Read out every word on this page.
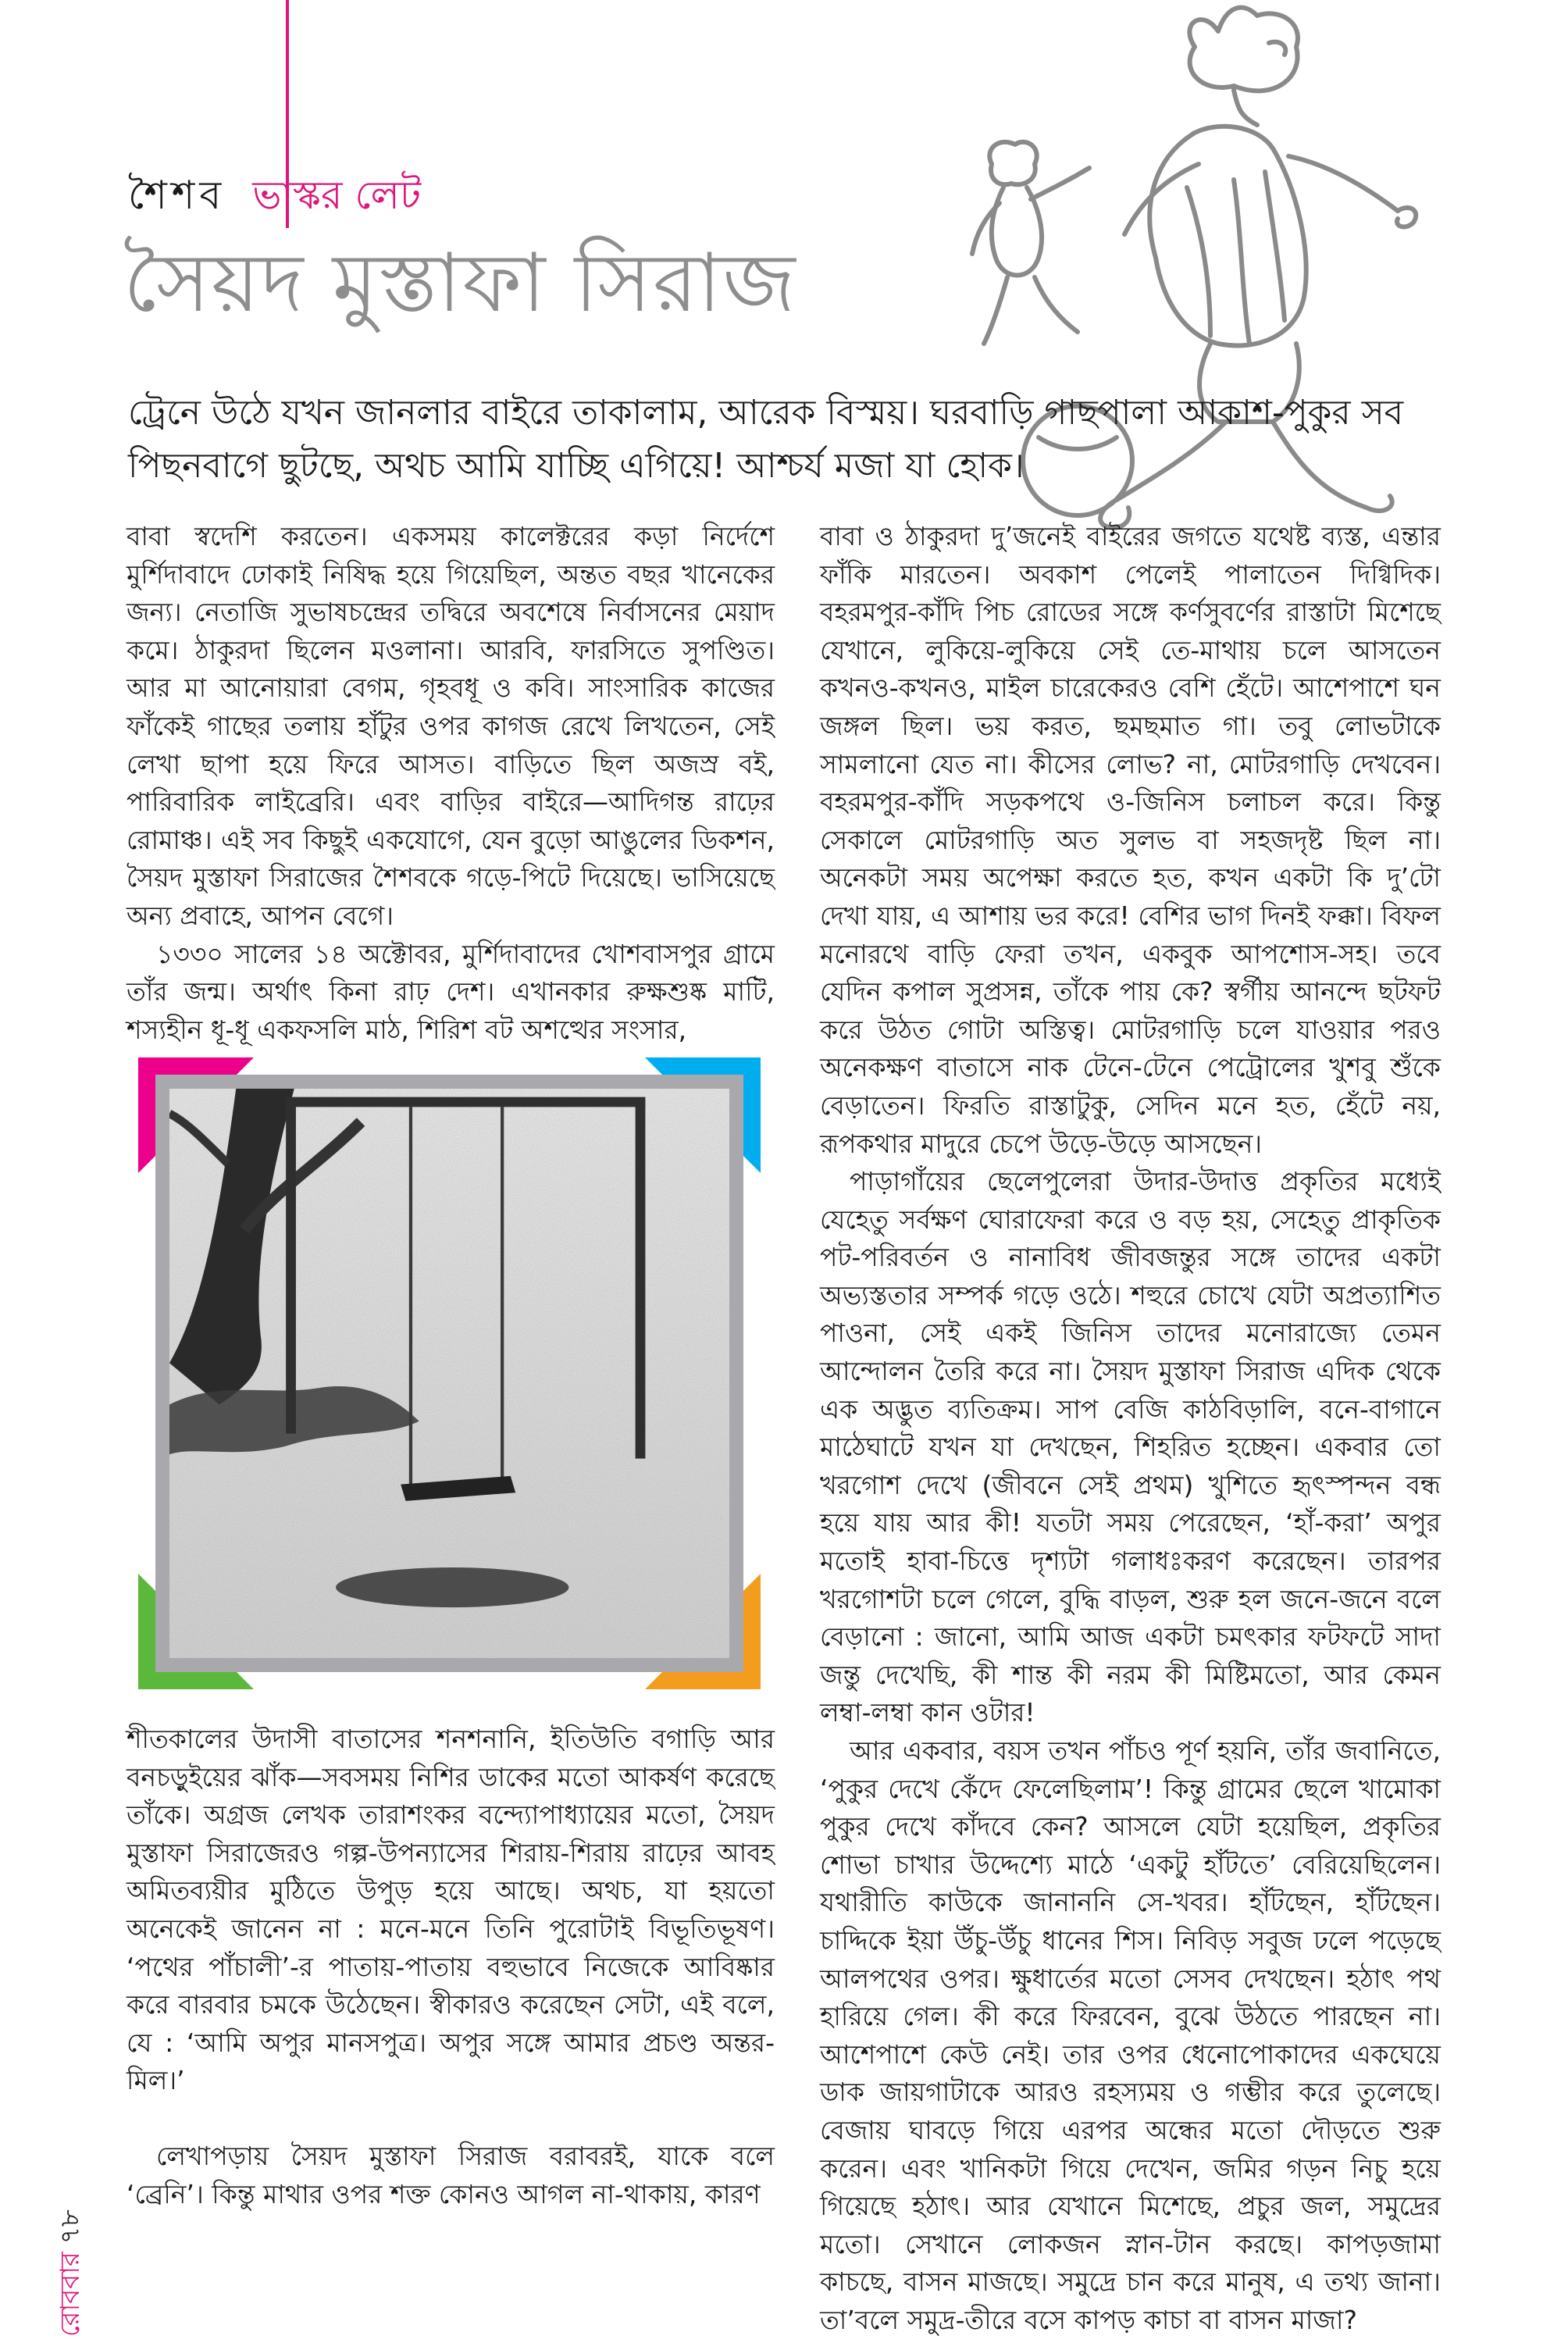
শৈশব ভাস্কর লেট
সৈয়দ মুস্তাফা সিরাজ

ট্রেনে উঠে যখন জানলার বাইরে তাকালাম, আরেক বিস্ময়। ঘরবাড়ি গাছপালা আকাশ-পুকুর সব

পিছনবাগে ছুটছে, অথচ আমি যাচ্ছি এগিয়ে! আশ্চর্য মজা যা হোক।

বাবা স্বদেশি করতেন। একসময় কালেক্টরের কড়া নির্দেশে মুর্শিদাবাদে ঢোকাই নিষিদ্ধ হয়ে গিয়েছিল, অন্তত বছর খানেকের জন্য। নেতাজি সুভাষচন্দ্রের তদ্বিরে অবশেষে নির্বাসনের মেয়াদ কমে। ঠাকুরদা ছিলেন মওলানা। আরবি, ফারসিতে সুপণ্ডিত। আর মা আনোয়ারা বেগম, গৃহবধূ ও কবি। সাংসারিক কাজের ফাঁকেই গাছের তলায় হাঁটুর ওপর কাগজ রেখে লিখতেন, সেই লেখা ছাপা হয়ে ফিরে আসত। বাড়িতে ছিল অজস্র বই, পারিবারিক লাইব্রেরি। এবং বাড়ির বাইরে—আদিগন্ত রাঢ়ের রোমাঞ্চ। এই সব কিছুই একযোগে, যেন বুড়ো আঙুলের ডিকশন, সৈয়দ মুস্তাফা সিরাজের শৈশবকে গড়ে-পিটে দিয়েছে। ভাসিয়েছে অন্য প্রবাহে, আপন বেগে।

১৩৩০ সালের ১৪ অক্টোবর, মুর্শিদাবাদের খোশবাসপুর গ্রামে তাঁর জন্ম। অর্থাৎ কিনা রাঢ় দেশ। এখানকার রুক্ষশুষ্ক মাটি, শস্যহীন ধূ-ধূ একফসলি মাঠ, শিরিশ বট অশত্থের সংসার,

শীতকালের উদাসী বাতাসের শনশনানি, ইতিউতি বগাড়ি আর বনচড়ুইয়ের ঝাঁক—সবসময় নিশির ডাকের মতো আকর্ষণ করেছে তাঁকে। অগ্রজ লেখক তারাশংকর বন্দ্যোপাধ্যায়ের মতো, সৈয়দ মুস্তাফা সিরাজেরও গল্প-উপন্যাসের শিরায়-শিরায় রাঢ়ের আবহ অমিতব্যয়ীর মুঠিতে উপুড় হয়ে আছে। অথচ, যা হয়তো অনেকেই জানেন না : মনে-মনে তিনি পুরোটাই বিভূতিভূষণ। ‘পথের পাঁচালী’-র পাতায়-পাতায় বহুভাবে নিজেকে আবিষ্কার করে বারবার চমকে উঠেছেন। স্বীকারও করেছেন সেটা, এই বলে, যে : ‘আমি অপুর মানসপুত্র। অপুর সঙ্গে আমার প্রচণ্ড অন্তর-মিল।’

লেখাপড়ায় সৈয়দ মুস্তাফা সিরাজ বরাবরই, যাকে বলে ‘ব্রেনি’। কিন্তু মাথার ওপর শক্ত কোনও আগল না-থাকায়, কারণ

বাবা ও ঠাকুরদা দু’জনেই বাইরের জগতে যথেষ্ট ব্যস্ত, এন্তার ফাঁকি মারতেন। অবকাশ পেলেই পালাতেন দিগ্বিদিক। বহরমপুর-কাঁদি পিচ রোডের সঙ্গে কর্ণসুবর্ণের রাস্তাটা মিশেছে যেখানে, লুকিয়ে-লুকিয়ে সেই তে-মাথায় চলে আসতেন কখনও-কখনও, মাইল চারেকেরও বেশি হেঁটে। আশেপাশে ঘন জঙ্গল ছিল। ভয় করত, ছমছমাত গা। তবু লোভটাকে সামলানো যেত না। কীসের লোভ? না, মোটরগাড়ি দেখবেন। বহরমপুর-কাঁদি সড়কপথে ও-জিনিস চলাচল করে। কিন্তু সেকালে মোটরগাড়ি অত সুলভ বা সহজদৃষ্ট ছিল না। অনেকটা সময় অপেক্ষা করতে হত, কখন একটা কি দু’টো দেখা যায়, এ আশায় ভর করে! বেশির ভাগ দিনই ফক্কা। বিফল মনোরথে বাড়ি ফেরা তখন, একবুক আপশোস-সহ। তবে যেদিন কপাল সুপ্রসন্ন, তাঁকে পায় কে? স্বর্গীয় আনন্দে ছটফট করে উঠত গোটা অস্তিত্ব। মোটরগাড়ি চলে যাওয়ার পরও অনেকক্ষণ বাতাসে নাক টেনে-টেনে পেট্রোলের খুশবু শুঁকে বেড়াতেন। ফিরতি রাস্তাটুকু, সেদিন মনে হত, হেঁটে নয়, রূপকথার মাদুরে চেপে উড়ে-উড়ে আসছেন।

পাড়াগাঁয়ের ছেলেপুলেরা উদার-উদাত্ত প্রকৃতির মধ্যেই যেহেতু সর্বক্ষণ ঘোরাফেরা করে ও বড় হয়, সেহেতু প্রাকৃতিক পট-পরিবর্তন ও নানাবিধ জীবজন্তুর সঙ্গে তাদের একটা অভ্যস্ততার সম্পর্ক গড়ে ওঠে। শহুরে চোখে যেটা অপ্রত্যাশিত পাওনা, সেই একই জিনিস তাদের মনোরাজ্যে তেমন আন্দোলন তৈরি করে না। সৈয়দ মুস্তাফা সিরাজ এদিক থেকে এক অদ্ভুত ব্যতিক্রম। সাপ বেজি কাঠবিড়ালি, বনে-বাগানে মাঠেঘাটে যখন যা দেখছেন, শিহরিত হচ্ছেন। একবার তো খরগোশ দেখে (জীবনে সেই প্রথম) খুশিতে হৃৎস্পন্দন বন্ধ হয়ে যায় আর কী! যতটা সময় পেরেছেন, ‘হাঁ-করা’ অপুর মতোই হাবা-চিত্তে দৃশ্যটা গলাধঃকরণ করেছেন। তারপর খরগোশটা চলে গেলে, বুদ্ধি বাড়ল, শুরু হল জনে-জনে বলে বেড়ানো : জানো, আমি আজ একটা চমৎকার ফটফটে সাদা জন্তু দেখেছি, কী শান্ত কী নরম কী মিষ্টিমতো, আর কেমন লম্বা-লম্বা কান ওটার!

আর একবার, বয়স তখন পাঁচও পূর্ণ হয়নি, তাঁর জবানিতে, ‘পুকুর দেখে কেঁদে ফেলেছিলাম’! কিন্তু গ্রামের ছেলে খামোকা পুকুর দেখে কাঁদবে কেন? আসলে যেটা হয়েছিল, প্রকৃতির শোভা চাখার উদ্দেশ্যে মাঠে ‘একটু হাঁটতে’ বেরিয়েছিলেন। যথারীতি কাউকে জানাননি সে-খবর। হাঁটছেন, হাঁটছেন। চাদ্দিকে ইয়া উঁচু-উঁচু ধানের শিস। নিবিড় সবুজ ঢলে পড়েছে আলপথের ওপর। ক্ষুধার্তের মতো সেসব দেখছেন। হঠাৎ পথ হারিয়ে গেল। কী করে ফিরবেন, বুঝে উঠতে পারছেন না। আশেপাশে কেউ নেই। তার ওপর ধেনোপোকাদের একঘেয়ে ডাক জায়গাটাকে আরও রহস্যময় ও গম্ভীর করে তুলেছে। বেজায় ঘাবড়ে গিয়ে এরপর অন্ধের মতো দৌড়তে শুরু করেন। এবং খানিকটা গিয়ে দেখেন, জমির গড়ন নিচু হয়ে গিয়েছে হঠাৎ। আর যেখানে মিশেছে, প্রচুর জল, সমুদ্রের মতো। সেখানে লোকজন স্নান-টান করছে। কাপড়জামা কাচছে, বাসন মাজছে। সমুদ্রে চান করে মানুষ, এ তথ্য জানা। তা’বলে সমুদ্র-তীরে বসে কাপড় কাচা বা বাসন মাজা?

রোববার৭৮
